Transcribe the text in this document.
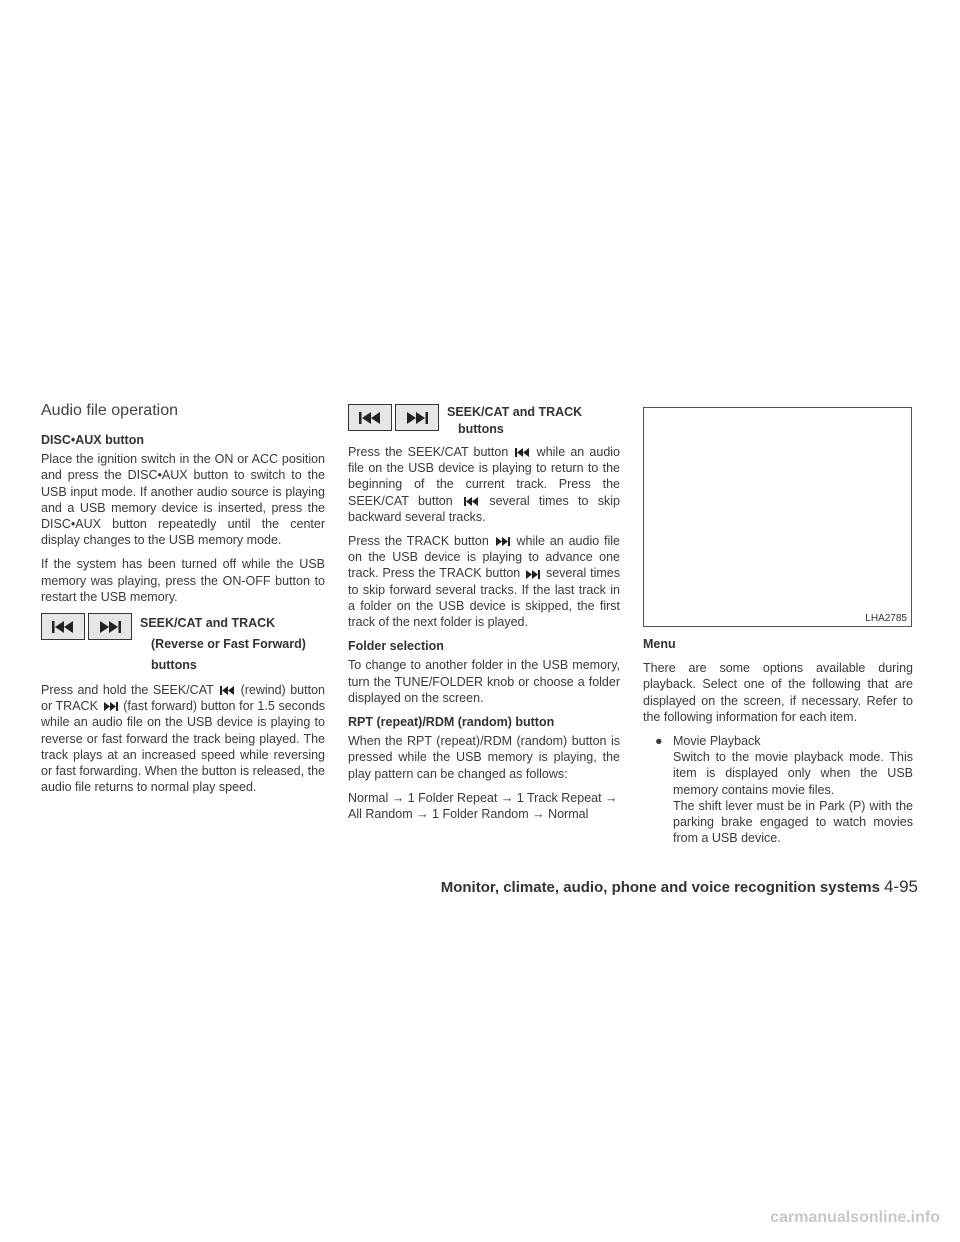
Audio file operation
DISC•AUX button

Place the ignition switch in the ON or ACC position and press the DISC•AUX button to switch to the USB input mode. If another audio source is playing and a USB memory device is inserted, press the DISC•AUX button repeatedly until the center display changes to the USB memory mode.

If the system has been turned off while the USB memory was playing, press the ON-OFF button to restart the USB memory.

SEEK/CAT and TRACK
(Reverse or Fast Forward)
buttons

Press and hold the SEEK/CAT (rewind) button or TRACK (fast forward) button for 1.5 seconds while an audio file on the USB device is playing to reverse or fast forward the track being played. The track plays at an increased speed while reversing or fast forwarding. When the button is released, the audio file returns to normal play speed.

SEEK/CAT and TRACK
buttons

Press the SEEK/CAT button while an audio file on the USB device is playing to return to the beginning of the current track. Press the SEEK/CAT button	several times to skip backward several tracks.

Press the TRACK button while an audio file on the USB device is playing to advance one track. Press the TRACK button several times to skip forward several tracks. If the last track in a folder on the USB device is skipped, the first track of the next folder is played.

Folder selection

To change to another folder in the USB memory, turn the TUNE/FOLDER knob or choose a folder displayed on the screen.

RPT (repeat)/RDM (random) button

When the RPT (repeat)/RDM (random) button is pressed while the USB memory is playing, the play pattern can be changed as follows:

Normal → 1 Folder Repeat → 1 Track Repeat → All Random → 1 Folder Random → Normal

LHA2785
Menu

There are some options available during playback. Select one of the following that are displayed on the screen, if necessary. Refer to the following information for each item.

● Movie Playback

Switch to the movie playback mode. This item is displayed only when the USB memory contains movie files.

The shift lever must be in Park (P) with the parking brake engaged to watch movies from a USB device.

Monitor, climate, audio, phone and voice recognition systems 4-95
carmanualsonline.info
